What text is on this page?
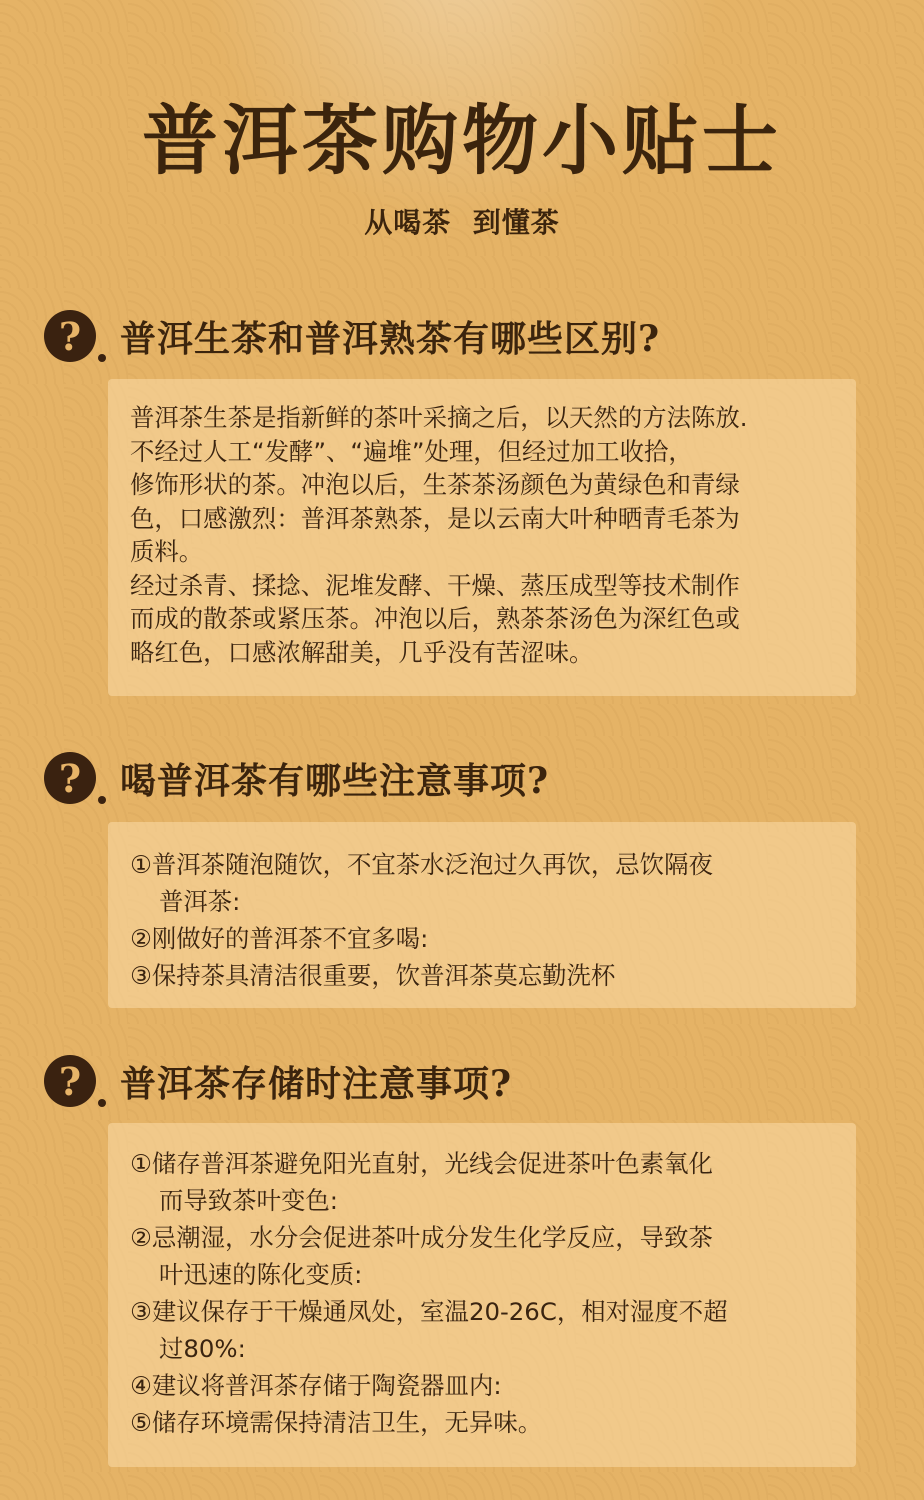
普洱茶购物小贴士
从喝茶  到懂茶
?	普洱生茶和普洱熟茶有哪些区别?

普洱茶生茶是指新鲜的茶叶采摘之后，以天然的方法陈放.

不经过人工“发酵”、“遍堆”处理，但经过加工收拾，

修饰形状的茶。冲泡以后，生茶茶汤颜色为黄绿色和青绿

色，口感激烈：普洱茶熟茶，是以云南大叶种晒青毛茶为

质料。

经过杀青、揉捻、泥堆发酵、干燥、蒸压成型等技术制作

而成的散茶或紧压茶。冲泡以后，熟茶茶汤色为深红色或

略红色，口感浓解甜美，几乎没有苦涩味。

?	喝普洱茶有哪些注意事项?

①普洱茶随泡随饮，不宜茶水泛泡过久再饮，忌饮隔夜

普洱茶:

②刚做好的普洱茶不宜多喝:

③保持茶具清洁很重要，饮普洱茶莫忘勤洗杯

?	普洱茶存储时注意事项?

①储存普洱茶避免阳光直射，光线会促进茶叶色素氧化

而导致茶叶变色:

②忌潮湿，水分会促进茶叶成分发生化学反应，导致茶

叶迅速的陈化变质:

③建议保存于干燥通凤处，室温20-26C，相对湿度不超

过80%:

④建议将普洱茶存储于陶瓷器皿内:

⑤储存环境需保持清洁卫生，无异味。
